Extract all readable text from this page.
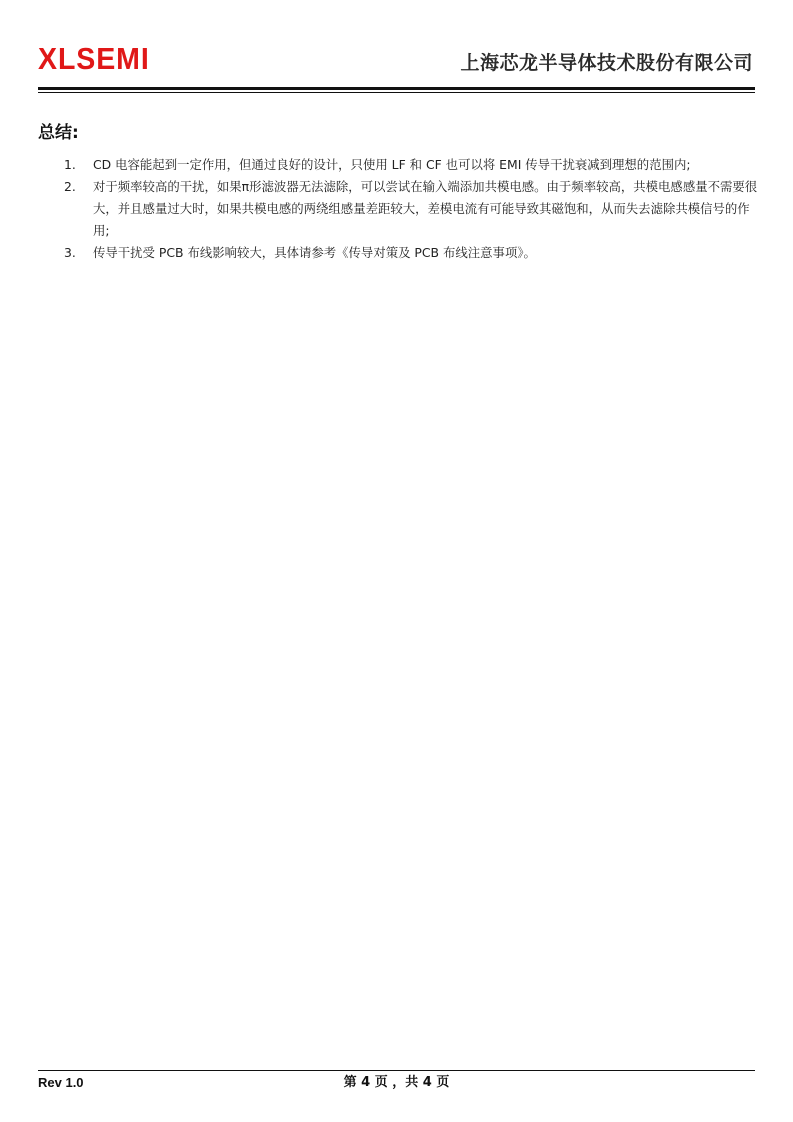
XLSEMI	上海芯龙半导体技术股份有限公司
总结:
1. CD 电容能起到一定作用，但通过良好的设计，只使用 LF 和 CF 也可以将 EMI 传导干扰衰减到理想的范围内;
2. 对于频率较高的干扰，如果π形滤波器无法滤除，可以尝试在输入端添加共模电感。由于频率较高，共模电感感量不需要很大，并且感量过大时，如果共模电感的两绕组感量差距较大，差模电流有可能导致其磁饱和，从而失去滤除共模信号的作用;
3. 传导干扰受 PCB 布线影响较大，具体请参考《传导对策及 PCB 布线注意事项》。
Rev 1.0	第 4 页 ，共 4 页
